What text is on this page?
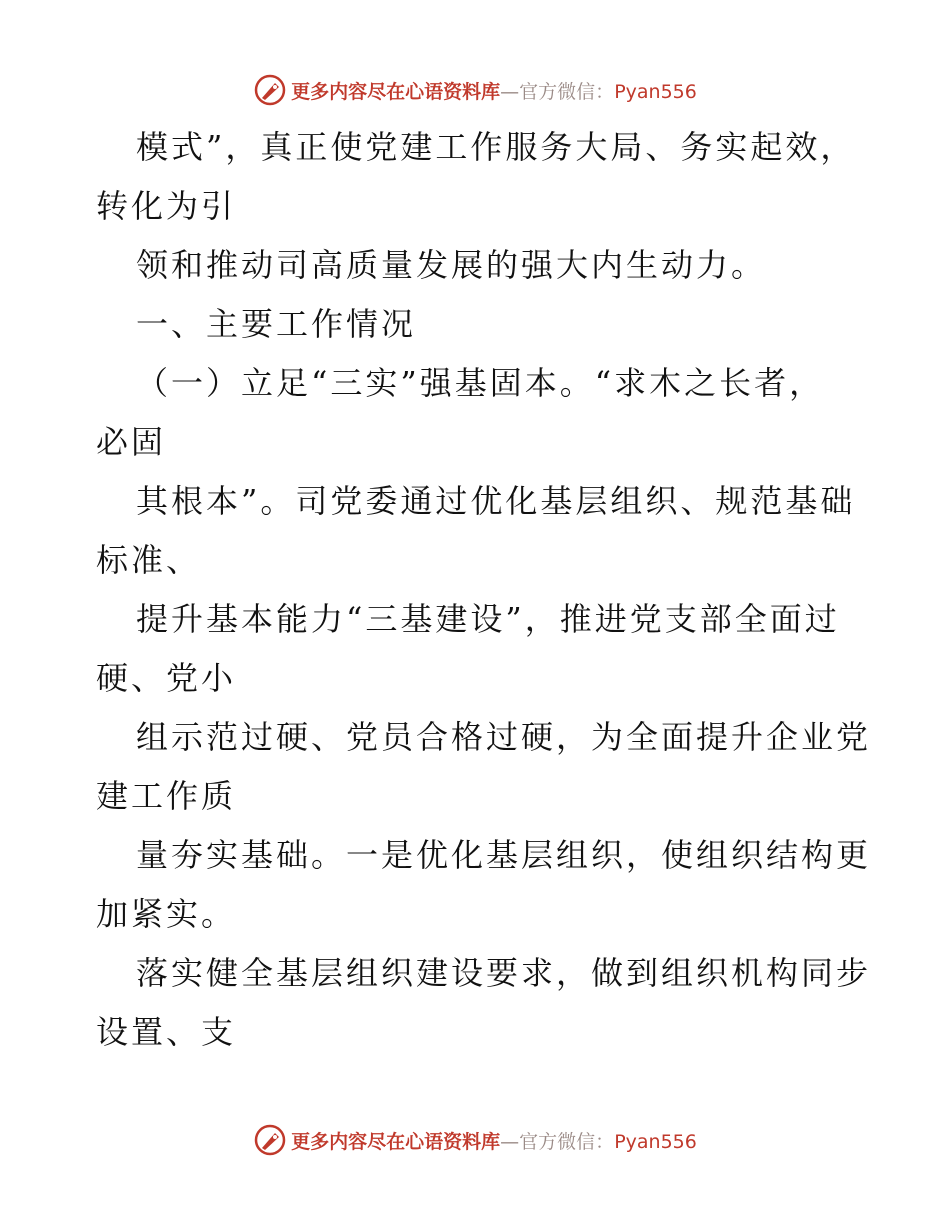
更多内容尽在心语资料库—官方微信：Pyan556
模式”，真正使党建工作服务大局、务实起效，
转化为引
领和推动司高质量发展的强大内生动力。
一、主要工作情况
（一）立足“三实”强基固本。“求木之长者，
必固
其根本”。司党委通过优化基层组织、规范基础
标准、
提升基本能力“三基建设”，推进党支部全面过
硬、党小
组示范过硬、党员合格过硬，为全面提升企业党
建工作质
量夯实基础。一是优化基层组织，使组织结构更
加紧实。
落实健全基层组织建设要求，做到组织机构同步
设置、支
更多内容尽在心语资料库—官方微信：Pyan556
